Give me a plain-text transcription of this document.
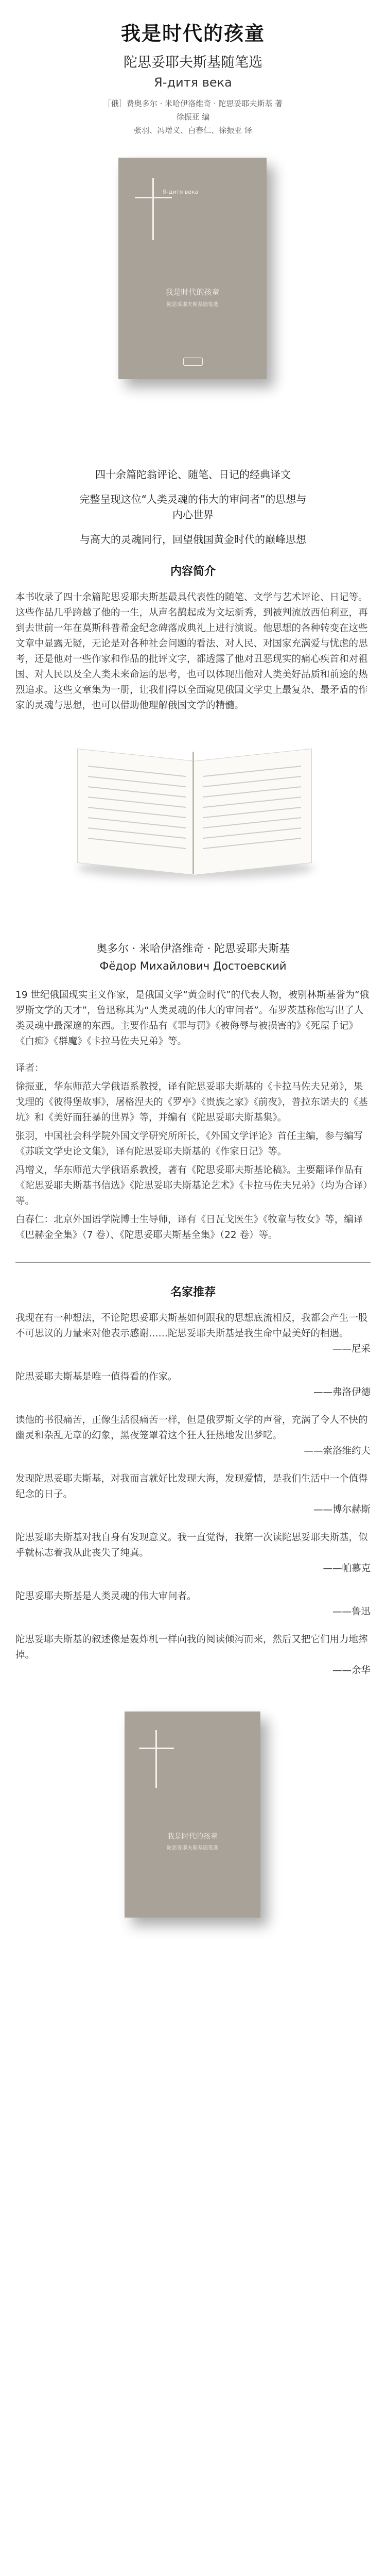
我是时代的孩童
陀思妥耶夫斯基随笔选
Я-дитя века
［俄］费奥多尔 · 米哈伊洛维奇 · 陀思妥耶夫斯基 著
徐振亚 编
张羽、冯增义、白春仁、徐振亚 译
Я-дитя века
我是时代的孩童
陀思妥耶夫斯基随笔选

四十余篇陀翁评论、随笔、日记的经典译文

完整呈现这位“人类灵魂的伟大的审问者”的思想与内心世界

与高大的灵魂同行，回望俄国黄金时代的巅峰思想

内容简介

本书收录了四十余篇陀思妥耶夫斯基最具代表性的随笔、文学与艺术评论、日记等。这些作品几乎跨越了他的一生，从声名鹊起成为文坛新秀，到被判流放西伯利亚，再到去世前一年在莫斯科普希金纪念碑落成典礼上进行演说。他思想的各种转变在这些文章中显露无疑，无论是对各种社会问题的看法、对人民、对国家充满爱与忧虑的思考，还是他对一些作家和作品的批评文字，都透露了他对丑恶现实的痛心疾首和对祖国、对人民以及全人类未来命运的思考，也可以体现出他对人类美好品质和前途的热烈追求。这些文章集为一册，让我们得以全面窥见俄国文学史上最复杂、最矛盾的作家的灵魂与思想，也可以借助他理解俄国文学的精髓。

奥多尔 · 米哈伊洛维奇 · 陀思妥耶夫斯基
Фёдор Михайлович Достоевский

19 世纪俄国现实主义作家，是俄国文学“黄金时代”的代表人物，被别林斯基誉为“俄罗斯文学的天才”，鲁迅称其为“人类灵魂的伟大的审问者”。布罗茨基称他写出了人类灵魂中最深邃的东西。主要作品有《罪与罚》《被侮辱与被损害的》《死屋手记》《白痴》《群魔》《卡拉马佐夫兄弟》等。

译者：

徐振亚，华东师范大学俄语系教授，译有陀思妥耶夫斯基的《卡拉马佐夫兄弟》，果戈理的《彼得堡故事》，屠格涅夫的《罗亭》《贵族之家》《前夜》，普拉东诺夫的《基坑》和《美好而狂暴的世界》等，并编有《陀思妥耶夫斯基集》。

张羽，中国社会科学院外国文学研究所所长，《外国文学评论》首任主编，参与编写《苏联文学史论文集》，译有陀思妥耶夫斯基的《作家日记》等。

冯增义，华东师范大学俄语系教授，著有《陀思妥耶夫斯基论稿》。主要翻译作品有《陀思妥耶夫斯基书信选》《陀思妥耶夫斯基论艺术》《卡拉马佐夫兄弟》（均为合译）等。

白春仁：北京外国语学院博士生导师，译有《日瓦戈医生》《牧童与牧女》等，编译《巴赫金全集》（7 卷）、《陀思妥耶夫斯基全集》（22 卷）等。

名家推荐

我现在有一种想法，不论陀思妥耶夫斯基如何跟我的思想底流相反，我都会产生一股不可思议的力量来对他表示感谢……陀思妥耶夫斯基是我生命中最美好的相遇。

——尼采

陀思妥耶夫斯基是唯一值得看的作家。

——弗洛伊德

读他的书很痛苦，正像生活很痛苦一样，但是俄罗斯文学的声誉，充满了令人不快的幽灵和杂乱无章的幻象，黑夜笼罩着这个狂人狂热地发出梦呓。

——索洛维约夫

发现陀思妥耶夫斯基，对我而言就好比发现大海，发现爱情，是我们生活中一个值得纪念的日子。

——博尔赫斯

陀思妥耶夫斯基对我自身有发现意义。我一直觉得，我第一次读陀思妥耶夫斯基，似乎就标志着我从此丧失了纯真。

——帕慕克

陀思妥耶夫斯基是人类灵魂的伟大审问者。

——鲁迅

陀思妥耶夫斯基的叙述像是轰炸机一样向我的阅读倾泻而来，然后又把它们用力地摔掉。

——余华

我是时代的孩童
陀思妥耶夫斯基随笔选
